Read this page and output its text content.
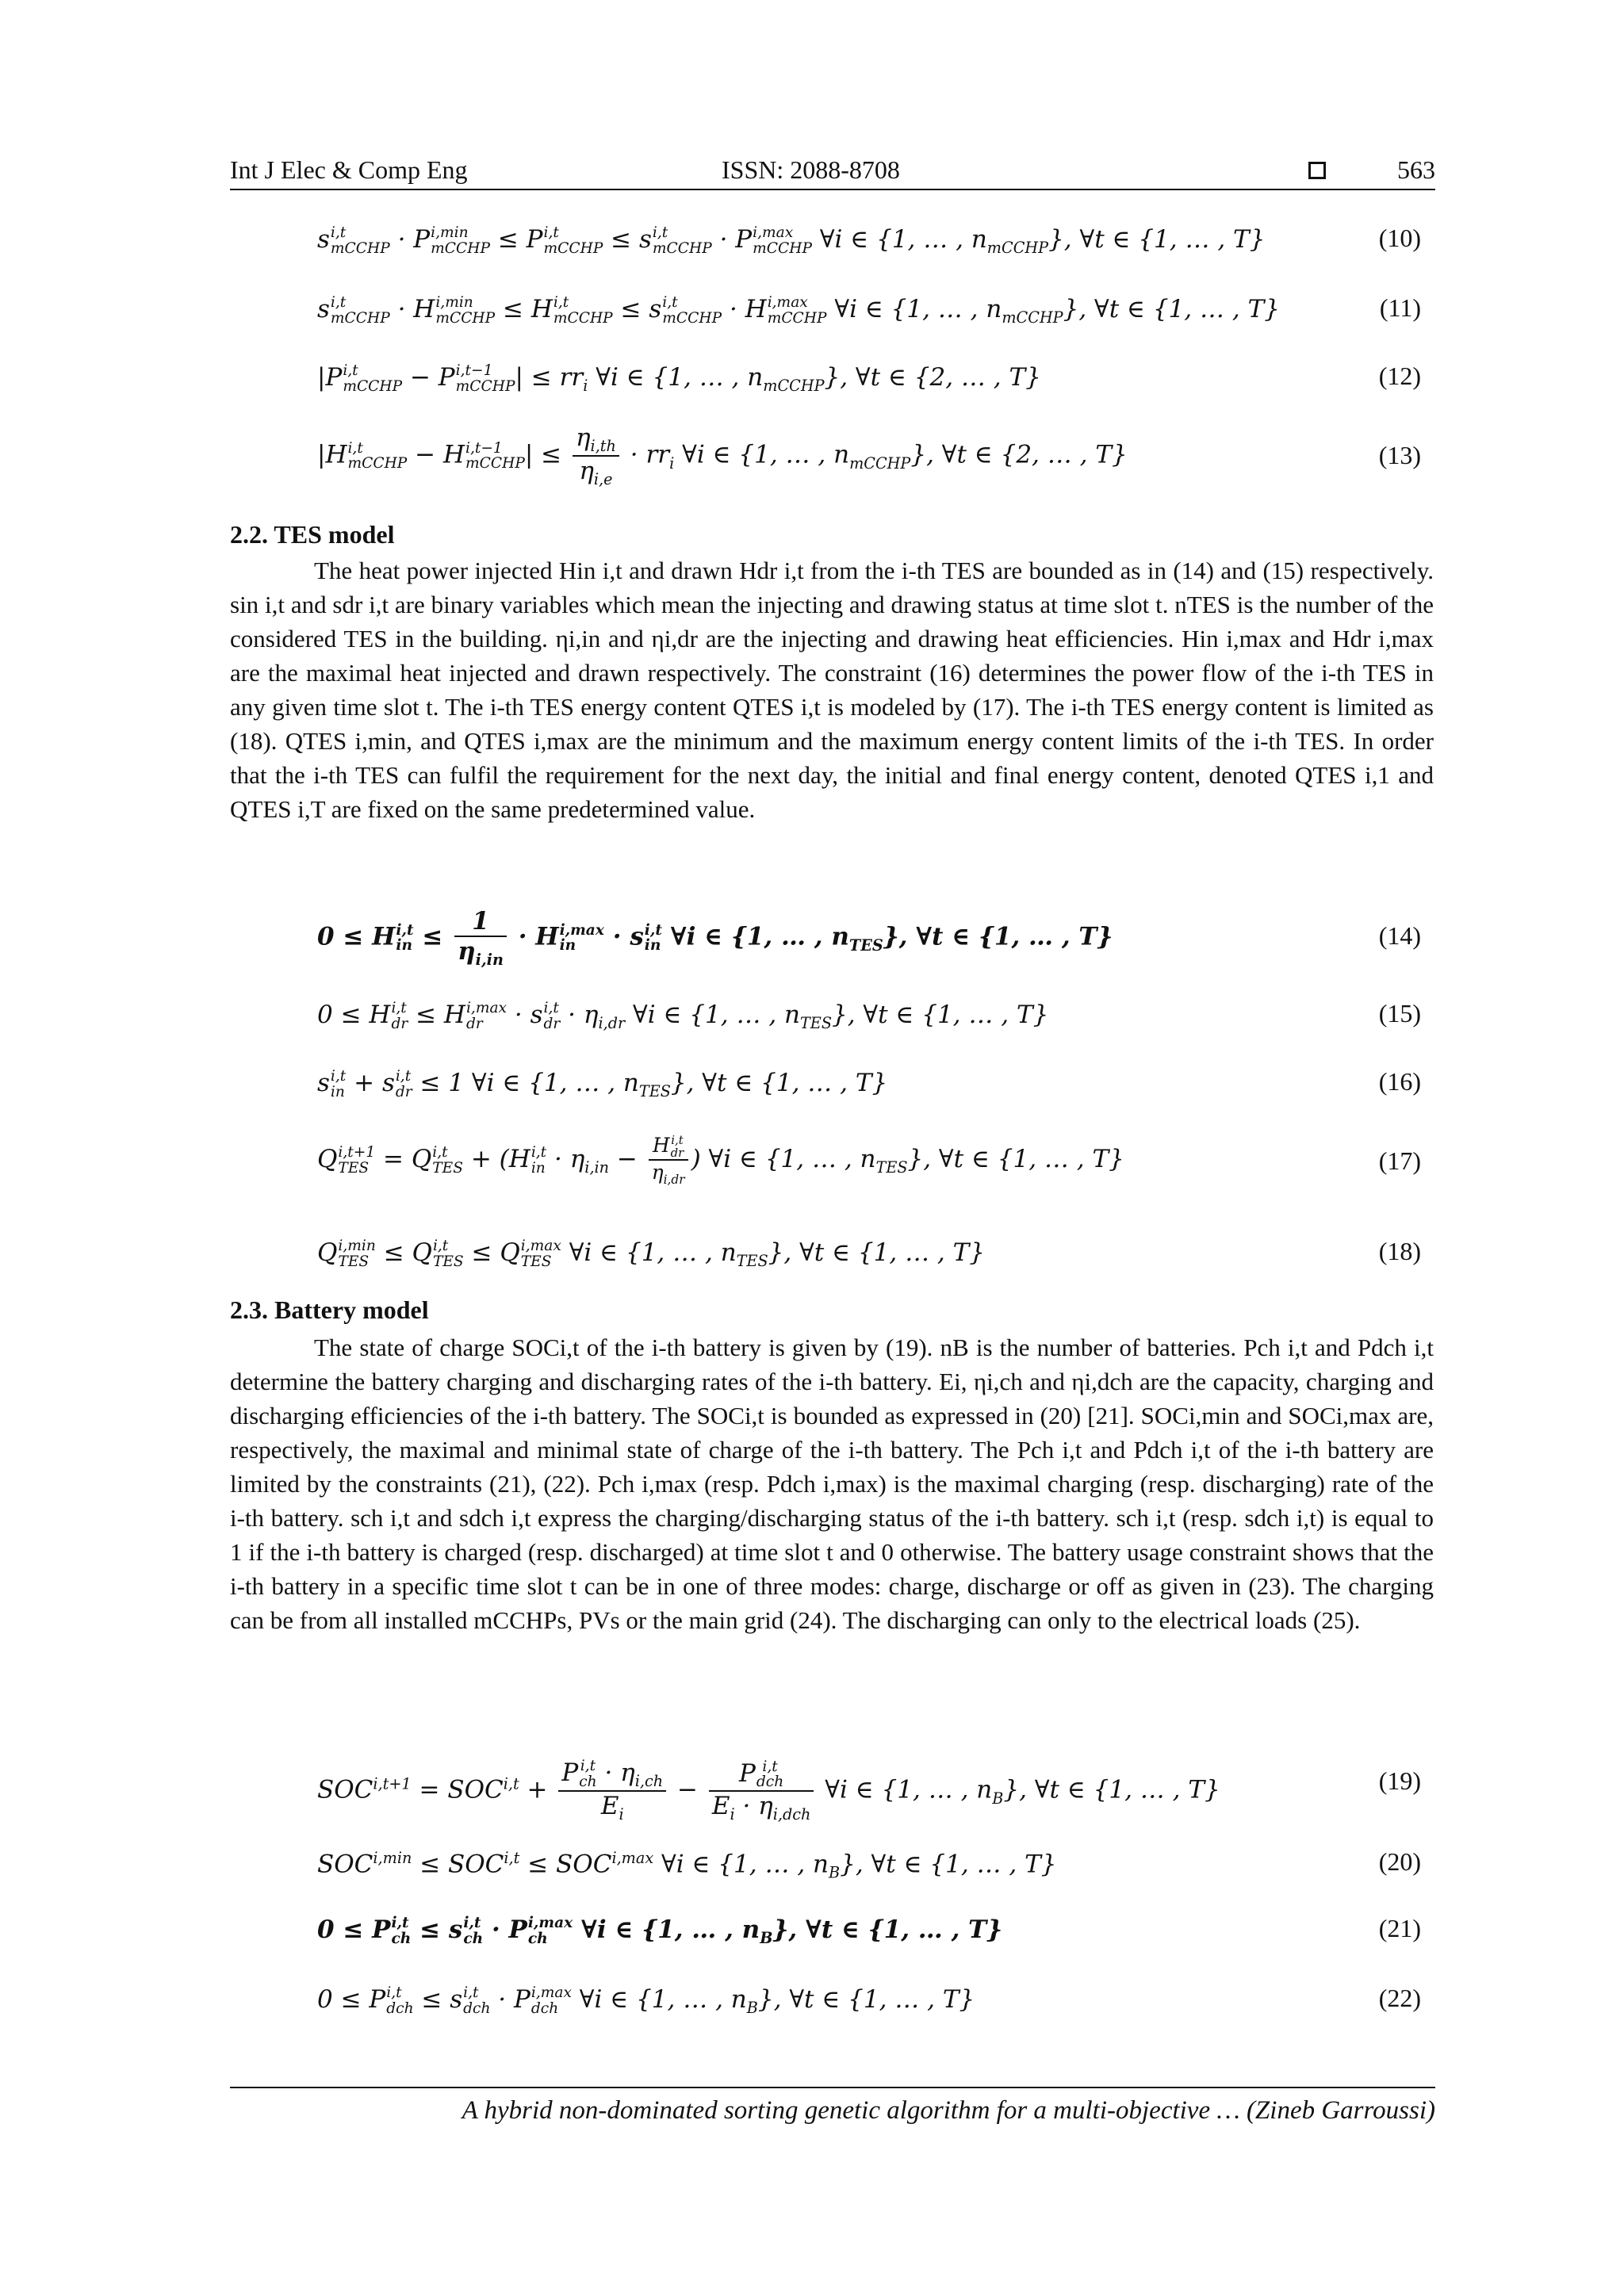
Int J Elec & Comp Eng	ISSN: 2088-8708	563
s i,t
mCCHP · P i,min
mCCHP ≤ P i,t
mCCHP ≤ s i,t
mCCHP · P i,max
mCCHP ∀i ∈ {1, … , $n_{mCCHP}$}, ∀t ∈ {1, … , T}	(10)
s i,t
mCCHP · H i,min
mCCHP ≤ H i,t
mCCHP ≤ s i,t
mCCHP · H i,max
mCCHP ∀i ∈ {1, … , $n_{mCCHP}$}, ∀t ∈ {1, … , T}	(11)
|P i,t
mCCHP − P i,t−1
mCCHP | ≤ $rr_i$ ∀i ∈ {1, … , $n_{mCCHP}$}, ∀t ∈ {2, … , T}	(12)
|H i,t
mCCHP − H i,t−1
mCCHP | ≤ $\frac{\eta_{i,th}}{\eta_{i,e}} \cdot rr_i$ ∀i ∈ {1, … , $n_{mCCHP}$}, ∀t ∈ {2, … , T}	(13)
2.2. TES model

The heat power injected Hin i,t and drawn Hdr i,t from the i-th TES are bounded as in (14) and (15) respectively. sin i,t and sdr i,t are binary variables which mean the injecting and drawing status at time slot t. nTES is the number of the considered TES in the building. ηi,in and ηi,dr are the injecting and drawing heat efficiencies. Hin i,max and Hdr i,max are the maximal heat injected and drawn respectively. The constraint (16) determines the power flow of the i-th TES in any given time slot t. The i-th TES energy content QTES i,t is modeled by (17). The i-th TES energy content is limited as (18). QTES i,min, and QTES i,max are the minimum and the maximum energy content limits of the i-th TES. In order that the i-th TES can fulfil the requirement for the next day, the initial and final energy content, denoted QTES i,1 and QTES i,T are fixed on the same predetermined value.

0 ≤ H i,t
in ≤ $\frac{1}{\eta_{i,in}} \cdot H$ i,max
in	· s i,t
in ∀i ∈ {1, … , $n_{TES}$}, ∀t ∈ {1, … , T}	(14)
0 ≤ H i,t
dr ≤ H i,max
dr · s i,t
dr · $\eta_{i,dr}$ ∀i ∈ {1, … , $n_{TES}$}, ∀t ∈ {1, … , T}	(15)
s i,t
in + s i,t
dr ≤ 1 ∀i ∈ {1, … , $n_{TES}$}, ∀t ∈ {1, … , T}	(16)
Q i,t+1
TES = Q i,t
TES + (H i,t
in · $\eta_{i,in} - H$ i,t
dr
$\eta_{i,dr}$ ) ∀i ∈ {1, … , $n_{TES}$}, ∀t ∈ {1, … , T}	(17)
Q i,min
TES ≤ Q i,t
TES ≤ Q i,max
TES ∀i ∈ {1, … , $n_{TES}$}, ∀t ∈ {1, … , T}	(18)
2.3. Battery model

The state of charge SOCi,t of the i-th battery is given by (19). nB is the number of batteries. Pch i,t and Pdch i,t determine the battery charging and discharging rates of the i-th battery. Ei, ηi,ch and ηi,dch are the capacity, charging and discharging efficiencies of the i-th battery. The SOCi,t is bounded as expressed in (20) [21]. SOCi,min and SOCi,max are, respectively, the maximal and minimal state of charge of the i-th battery. The Pch i,t and Pdch i,t of the i-th battery are limited by the constraints (21), (22). Pch i,max (resp. Pdch i,max) is the maximal charging (resp. discharging) rate of the i-th battery. sch i,t and sdch i,t express the charging/discharging status of the i-th battery. sch i,t (resp. sdch i,t) is equal to 1 if the i-th battery is charged (resp. discharged) at time slot t and 0 otherwise. The battery usage constraint shows that the i-th battery in a specific time slot t can be in one of three modes: charge, discharge or off as given in (23). The charging can be from all installed mCCHPs, PVs or the main grid (24). The discharging can only to the electrical loads (25).

$SOC^{i,t+1} = SOC^{i,t} + P$ i,t
ch · $\eta_{i,ch}$
$E_i - P$ i,t
dch
$E_i \cdot \eta_{i,dch}$ ∀i ∈ {1, … , $n_B$}, ∀t ∈ {1, … , T}	(19)
$SOC^{i,min} \le SOC^{i,t} \le SOC^{i,max}$ ∀i ∈ {1, … , $n_B$}, ∀t ∈ {1, … , T}	(20)
0 ≤ P i,t
ch ≤ s i,t
ch · P i,max
ch	∀i ∈ {1, … , $n_B$}, ∀t ∈ {1, … , T}	(21)
0 ≤ P i,t
dch ≤ s i,t
dch · P i,max
dch ∀i ∈ {1, … , $n_B$}, ∀t ∈ {1, … , T}	(22)
A hybrid non-dominated sorting genetic algorithm for a multi-objective … (Zineb Garroussi)
